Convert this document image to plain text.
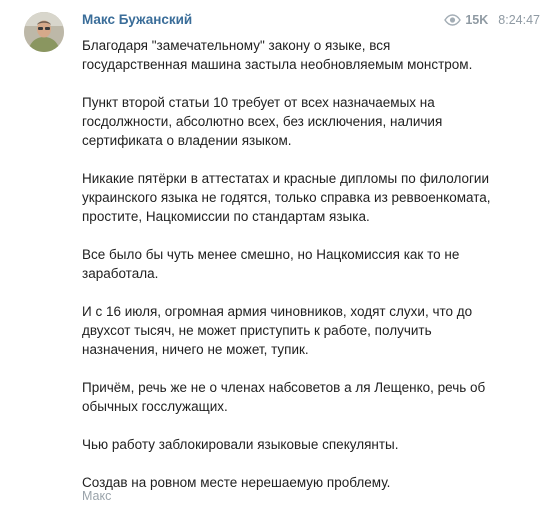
Макс Бужанский	15K 8:24:47

Благодаря "замечательному" закону о языке, вся
государственная машина застыла необновляемым монстром.

Пункт второй статьи 10 требует от всех назначаемых на
госдолжности, абсолютно всех, без исключения, наличия
сертификата о владении языком.

Никакие пятёрки в аттестатах и красные дипломы по филологии
украинского языка не годятся, только справка из реввоенкомата,
простите, Нацкомиссии по стандартам языка.

Все было бы чуть менее смешно, но Нацкомиссия как то не
заработала.

И с 16 июля, огромная армия чиновников, ходят слухи, что до
двухсот тысяч, не может приступить к работе, получить
назначения, ничего не может, тупик.

Причём, речь же не о членах набсоветов а ля Лещенко, речь об
обычных госслужащих.

Чью работу заблокировали языковые спекулянты.

Создав на ровном месте нерешаемую проблему.

Макс
